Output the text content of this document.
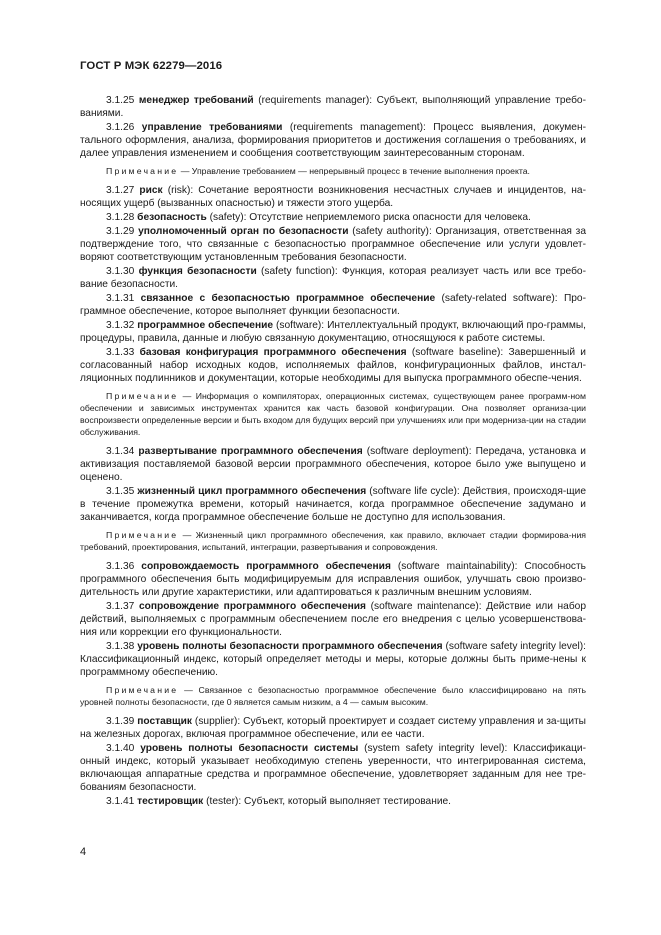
ГОСТ Р МЭК 62279—2016

3.1.25 менеджер требований (requirements manager): Субъект, выполняющий управление требо-ваниями.

3.1.26 управление требованиями (requirements management): Процесс выявления, докумен-тального оформления, анализа, формирования приоритетов и достижения соглашения о требованиях, и далее управления изменением и сообщения соответствующим заинтересованным сторонам.

Примечание — Управление требованием — непрерывный процесс в течение выполнения проекта.

3.1.27 риск (risk): Сочетание вероятности возникновения несчастных случаев и инцидентов, на-носящих ущерб (вызванных опасностью) и тяжести этого ущерба.

3.1.28 безопасность (safety): Отсутствие неприемлемого риска опасности для человека.

3.1.29 уполномоченный орган по безопасности (safety authority): Организация, ответственная за подтверждение того, что связанные с безопасностью программное обеспечение или услуги удовлет-воряют соответствующим установленным требования безопасности.

3.1.30 функция безопасности (safety function): Функция, которая реализует часть или все требо-вание безопасности.

3.1.31 связанное с безопасностью программное обеспечение (safety-related software): Про-граммное обеспечение, которое выполняет функции безопасности.

3.1.32 программное обеспечение (software): Интеллектуальный продукт, включающий про-граммы, процедуры, правила, данные и любую связанную документацию, относящуюся к работе системы.

3.1.33 базовая конфигурация программного обеспечения (software baseline): Завершенный и согласованный набор исходных кодов, исполняемых файлов, конфигурационных файлов, инстал-ляционных подлинников и документации, которые необходимы для выпуска программного обеспе-чения.

Примечание — Информация о компиляторах, операционных системах, существующем ранее программ-ном обеспечении и зависимых инструментах хранится как часть базовой конфигурации. Она позволяет организа-ции воспроизвести определенные версии и быть входом для будущих версий при улучшениях или при модерниза-ции на стадии обслуживания.

3.1.34 развертывание программного обеспечения (software deployment): Передача, установка и активизация поставляемой базовой версии программного обеспечения, которое было уже выпущено и оценено.

3.1.35 жизненный цикл программного обеспечения (software life cycle): Действия, происходя-щие в течение промежутка времени, который начинается, когда программное обеспечение задумано и заканчивается, когда программное обеспечение больше не доступно для использования.

Примечание — Жизненный цикл программного обеспечения, как правило, включает стадии формирова-ния требований, проектирования, испытаний, интеграции, развертывания и сопровождения.

3.1.36 сопровождаемость программного обеспечения (software maintainability): Способность программного обеспечения быть модифицируемым для исправления ошибок, улучшать свою произво-дительность или другие характеристики, или адаптироваться к различным внешним условиям.

3.1.37 сопровождение программного обеспечения (software maintenance): Действие или набор действий, выполняемых с программным обеспечением после его внедрения с целью усовершенствова-ния или коррекции его функциональности.

3.1.38 уровень полноты безопасности программного обеспечения (software safety integrity level): Классификационный индекс, который определяет методы и меры, которые должны быть приме-нены к программному обеспечению.

Примечание — Связанное с безопасностью программное обеспечение было классифицировано на пять уровней полноты безопасности, где 0 является самым низким, а 4 — самым высоким.

3.1.39 поставщик (supplier): Субъект, который проектирует и создает систему управления и за-щиты на железных дорогах, включая программное обеспечение, или ее части.

3.1.40 уровень полноты безопасности системы (system safety integrity level): Классификаци-онный индекс, который указывает необходимую степень уверенности, что интегрированная система, включающая аппаратные средства и программное обеспечение, удовлетворяет заданным для нее тре-бованиям безопасности.

3.1.41 тестировщик (tester): Субъект, который выполняет тестирование.

4
